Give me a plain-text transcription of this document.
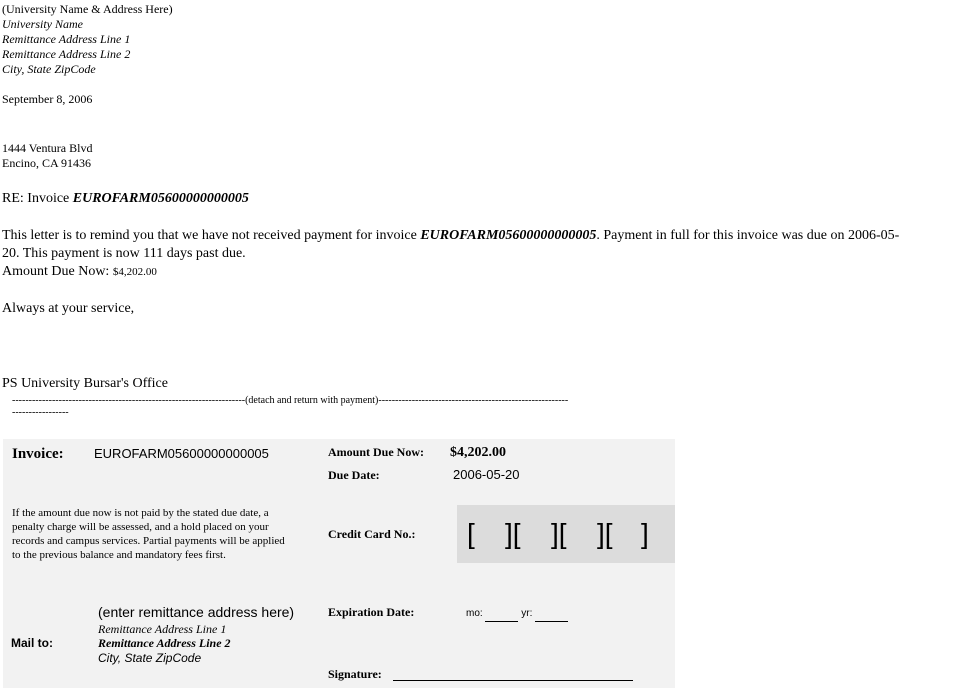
(University Name & Address Here)
University Name
Remittance Address Line 1
Remittance Address Line 2
City, State ZipCode
September 8, 2006
1444 Ventura Blvd
Encino, CA 91436
RE: Invoice EUROFARM05600000000005
This letter is to remind you that we have not received payment for invoice EUROFARM05600000000005. Payment in full for this invoice was due on 2006-05-
20. This payment is now 111 days past due.
Amount Due Now: $4,202.00
Always at your service,
PS University Bursar's Office
----------------------------------------------------------------------(detach and return with payment)---------------------------------------------------------
-----------------
Invoice: EUROFARM05600000000005	Amount Due Now: $4,202.00
Due Date:	2006-05-20
If the amount due now is not paid by the stated due date, a
penalty charge will be assessed, and a hold placed on your
records and campus services. Partial payments will be applied
to the previous balance and mandatory fees first.
Credit Card No.: [ ][ ][ ][ ]
(enter remittance address here)
Remittance Address Line 1
Remittance Address Line 2
City, State ZipCode
Mail to:
Expiration Date:	mo:	yr:
Signature:
